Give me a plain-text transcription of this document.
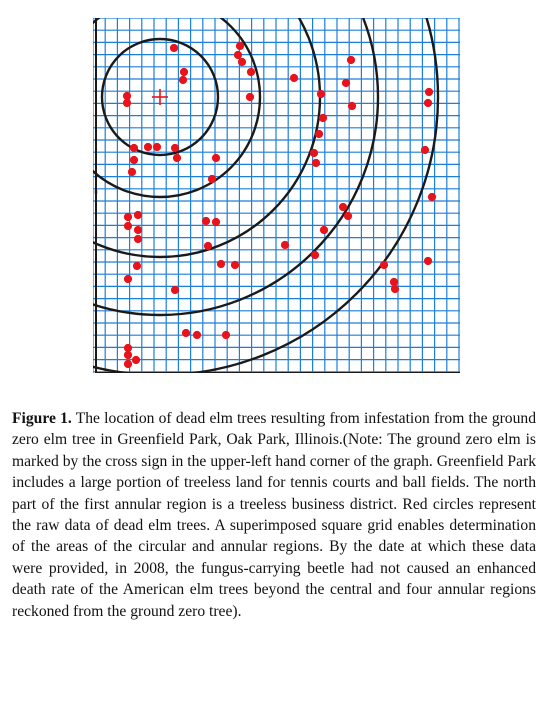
Figure 1. The location of dead elm trees resulting from infestation from the ground zero elm tree in Greenfield Park, Oak Park, Illinois.(Note: The ground zero elm is marked by the cross sign in the upper-left hand corner of the graph. Greenfield Park includes a large portion of treeless land for tennis courts and ball fields. The north part of the first annular region is a treeless business district. Red circles represent the raw data of dead elm trees. A superimposed square grid enables determination of the areas of the circular and annular regions. By the date at which these data were provided, in 2008, the fungus-carrying beetle had not caused an enhanced death rate of the American elm trees beyond the central and four annular regions reckoned from the ground zero tree).
